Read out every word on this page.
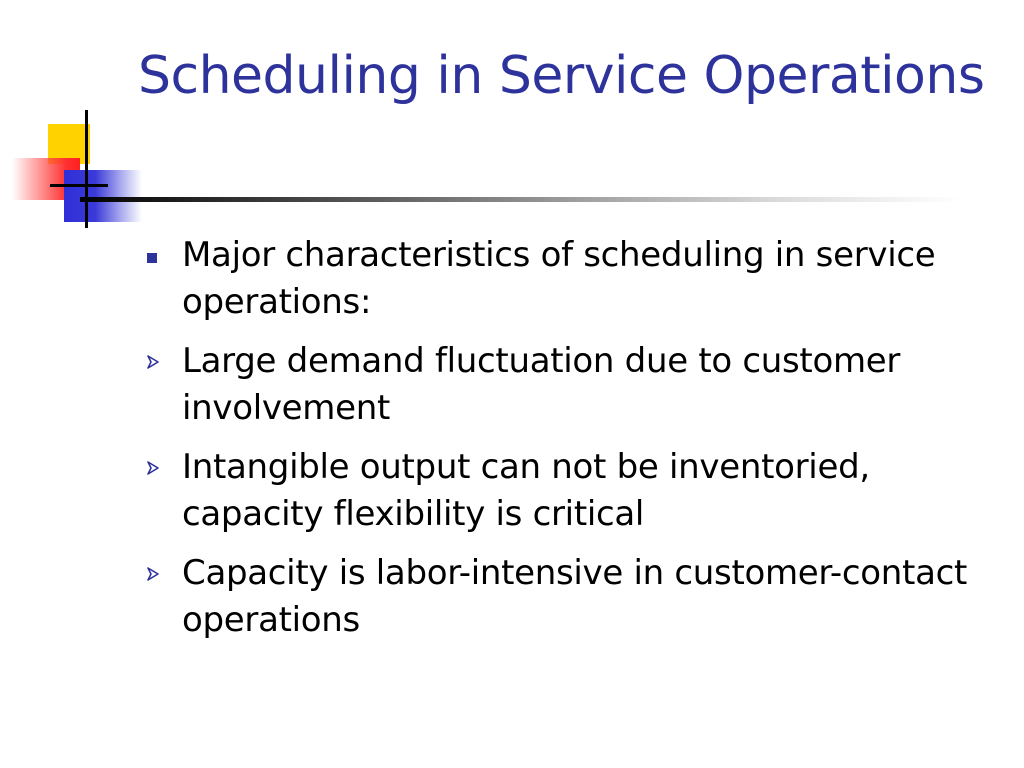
Scheduling in Service Operations
Major characteristics of scheduling in service operations:
Large demand fluctuation due to customer involvement
Intangible output can not be inventoried, capacity flexibility is critical
Capacity is labor-intensive in customer-contact operations
